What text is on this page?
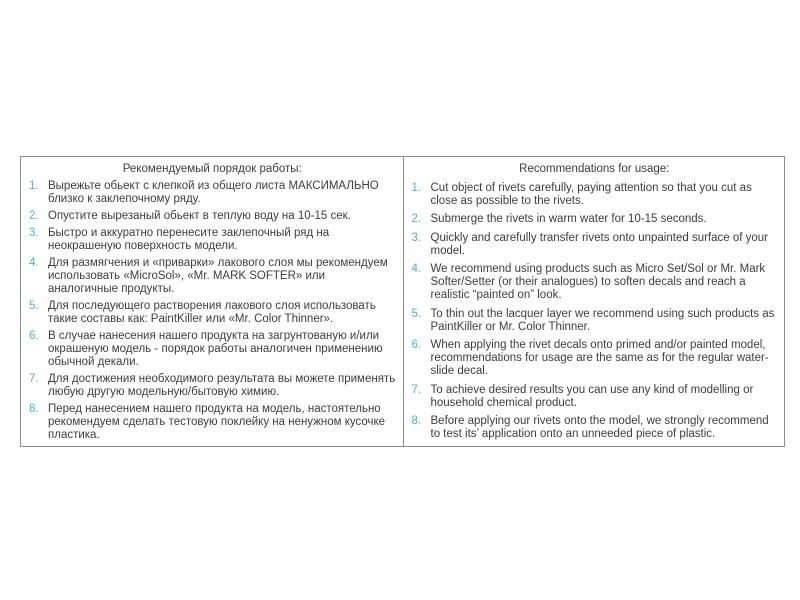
Рекомендуемый порядок работы:
1. Вырежьте обьект с клепкой из общего листа МАКСИМАЛЬНО близко к заклепочному ряду.
2. Опустите вырезаный обьект в теплую воду на 10-15 сек.
3. Быстро и аккуратно перенесите заклепочный ряд на неокрашеную поверхность модели.
4. Для размягчения и «приварки» лакового слоя мы рекомендуем использовать «MicroSol», «Mr. MARK SOFTER» или аналогичные продукты.
5. Для последующего растворения лакового слоя использовать такие составы как: PaintKiller или «Mr. Color Thinner».
6. В случае нанесения нашего продукта на загрунтованую и/или окрашеную модель - порядок работы аналогичен применению обычной декали.
7. Для достижения необходимого результата вы можете применять любую другую модельную/бытовую химию.
8. Перед нанесением нашего продукта на модель, настоятельно рекомендуем сделать тестовую поклейку на ненужном кусочке пластика.
Recommendations for usage:
1. Cut object of rivets carefully, paying attention so that you cut as close as possible to the rivets.
2. Submerge the rivets in warm water for 10-15 seconds.
3. Quickly and carefully transfer rivets onto unpainted surface of your model.
4. We recommend using products such as Micro Set/Sol or Mr. Mark Softer/Setter (or their analogues) to soften decals and reach a realistic “painted on” look.
5. To thin out the lacquer layer we recommend using such products as PaintKiller or Mr. Color Thinner.
6. When applying the rivet decals onto primed and/or painted model, recommendations for usage are the same as for the regular water-slide decal.
7. To achieve desired results you can use any kind of modelling or household chemical product.
8. Before applying our rivets onto the model, we strongly recommend to test its’ application onto an unneeded piece of plastic.
